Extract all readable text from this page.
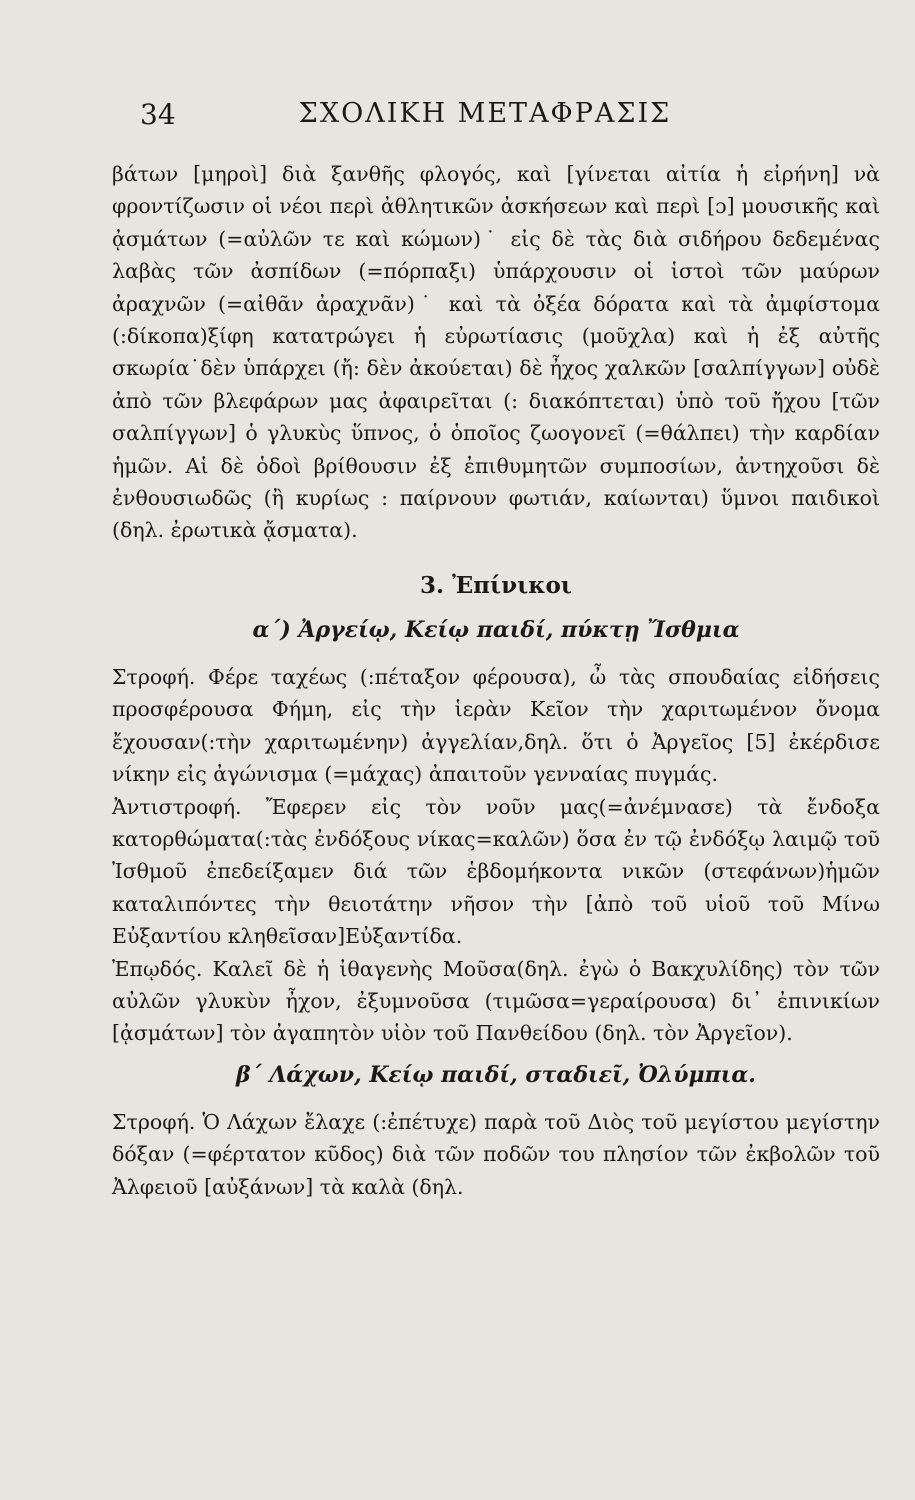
34	ΣΧΟΛΙΚΗ ΜΕΤΑΦΡΑΣΙΣ

βάτων [μηροὶ] διὰ ξανθῆς φλογός, καὶ [γίνεται αἰτία ἡ εἰρήνη] νὰ φροντίζωσιν οἱ νέοι περὶ ἀθλητικῶν ἀσκήσεων καὶ περὶ [ɔ] μουσικῆς καὶ ᾀσμάτων (=αὐλῶν τε καὶ κώμων)˙ εἰς δὲ τὰς διὰ σιδήρου δεδεμένας λαβὰς τῶν ἀσπίδων (=πόρπαξι) ὑπάρχουσιν οἱ ἱστοὶ τῶν μαύρων ἀραχνῶν (=αἰθᾶν ἀραχνᾶν)˙ καὶ τὰ ὀξέα δόρατα καὶ τὰ ἀμφίστομα (:δίκοπα)ξίφη κατατρώγει ἡ εὐρωτίασις (μοῦχλα) καὶ ἡ ἐξ αὐτῆς σκωρία˙δὲν ὑπάρχει (ἤ: δὲν ἀκούεται) δὲ ἦχος χαλκῶν [σαλπίγγων] οὐδὲ ἀπὸ τῶν βλεφάρων μας ἀφαιρεῖται (: διακόπτεται) ὑπὸ τοῦ ἤχου [τῶν σαλπίγγων] ὁ γλυκὺς ὕπνος, ὁ ὁποῖος ζωογονεῖ (=θάλπει) τὴν καρδίαν ἡμῶν. Αἱ δὲ ὁδοὶ βρίθουσιν ἐξ ἐπιθυμητῶν συμποσίων, ἀντηχοῦσι δὲ ἐνθουσιωδῶς (ἢ κυρίως : παίρνουν φωτιάν, καίωνται) ὕμνοι παιδικοὶ (δηλ. ἐρωτικὰ ᾄσματα).

3. Ἐπίνικοι
α΄) Ἀργείῳ, Κείῳ παιδί, πύκτῃ Ἴσθμια

Στροφή. Φέρε ταχέως (:πέταξον φέρουσα), ὦ τὰς σπουδαίας εἰδήσεις προσφέρουσα Φήμη, εἰς τὴν ἱερὰν Κεῖον τὴν χαριτωμένον ὄνομα ἔχουσαν(:τὴν χαριτωμένην) ἀγγελίαν,δηλ. ὅτι ὁ Ἀργεῖος [5] ἐκέρδισε νίκην εἰς ἀγώνισμα (=μάχας) ἀπαιτοῦν γενναίας πυγμάς.

Ἀντιστροφή. Ἔφερεν εἰς τὸν νοῦν μας(=ἀνέμνασε) τὰ ἔνδοξα κατορθώματα(:τὰς ἐνδόξους νίκας=καλῶν) ὅσα ἐν τῷ ἐνδόξῳ λαιμῷ τοῦ Ἰσθμοῦ ἐπεδείξαμεν διά τῶν ἑβδομήκοντα νικῶν (στεφάνων)ἡμῶν καταλιπόντες τὴν θειοτάτην νῆσον τὴν [ἀπὸ τοῦ υἱοῦ τοῦ Μίνω Εὐξαντίου κληθεῖσαν]Εὐξαντίδα.

Ἐπῳδός. Καλεῖ δὲ ἡ ἰθαγενὴς Μοῦσα(δηλ. ἐγὼ ὁ Βακχυλίδης) τὸν τῶν αὐλῶν γλυκὺν ἦχον, ἐξυμνοῦσα (τιμῶσα=γεραίρουσα) δι᾽ ἐπινικίων [ᾀσμάτων] τὸν ἀγαπητὸν υἱὸν τοῦ Πανθείδου (δηλ. τὸν Ἀργεῖον).

β΄ Λάχων, Κείῳ παιδί, σταδιεῖ, Ὀλύμπια.

Στροφή. Ὁ Λάχων ἔλαχε (:ἐπέτυχε) παρὰ τοῦ Διὸς τοῦ μεγίστου μεγίστην δόξαν (=φέρτατον κῦδος) διὰ τῶν ποδῶν του πλησίον τῶν ἐκβολῶν τοῦ Ἀλφειοῦ [αὐξάνων] τὰ καλὰ (δηλ.
